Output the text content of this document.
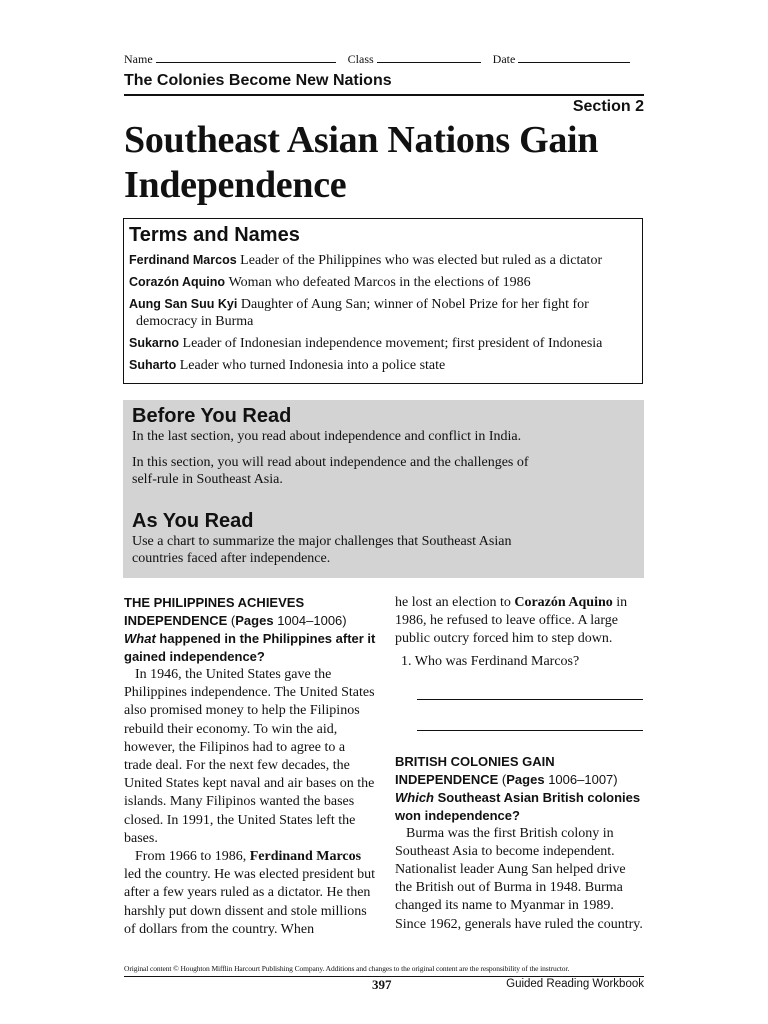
Name	Class	Date
The Colonies Become New Nations
Section 2
Southeast Asian Nations Gain Independence
Terms and Names
Ferdinand Marcos Leader of the Philippines who was elected but ruled as a dictator
Corazón Aquino Woman who defeated Marcos in the elections of 1986
Aung San Suu Kyi Daughter of Aung San; winner of Nobel Prize for her fight for
democracy in Burma
Sukarno Leader of Indonesian independence movement; first president of Indonesia
Suharto Leader who turned Indonesia into a police state
Before You Read

In the last section, you read about independence and conflict in India.

In this section, you will read about independence and the challenges of self-rule in Southeast Asia.

As You Read

Use a chart to summarize the major challenges that Southeast Asian countries faced after independence.

THE PHILIPPINES ACHIEVES INDEPENDENCE (Pages 1004–1006)
What happened in the Philippines after it gained independence?

In 1946, the United States gave the Philippines independence. The United States also promised money to help the Filipinos rebuild their economy. To win the aid, however, the Filipinos had to agree to a trade deal. For the next few decades, the United States kept naval and air bases on the islands. Many Filipinos wanted the bases closed. In 1991, the United States left the bases.

From 1966 to 1986, Ferdinand Marcos led the country. He was elected president but after a few years ruled as a dictator. He then harshly put down dissent and stole millions of dollars from the country. When

he lost an election to Corazón Aquino in 1986, he refused to leave office. A large public outcry forced him to step down.

1. Who was Ferdinand Marcos?
BRITISH COLONIES GAIN INDEPENDENCE (Pages 1006–1007)
Which Southeast Asian British colonies won independence?

Burma was the first British colony in Southeast Asia to become independent. Nationalist leader Aung San helped drive the British out of Burma in 1948. Burma changed its name to Myanmar in 1989. Since 1962, generals have ruled the country.

Original content © Houghton Mifflin Harcourt Publishing Company. Additions and changes to the original content are the responsibility of the instructor.
397	Guided Reading Workbook
